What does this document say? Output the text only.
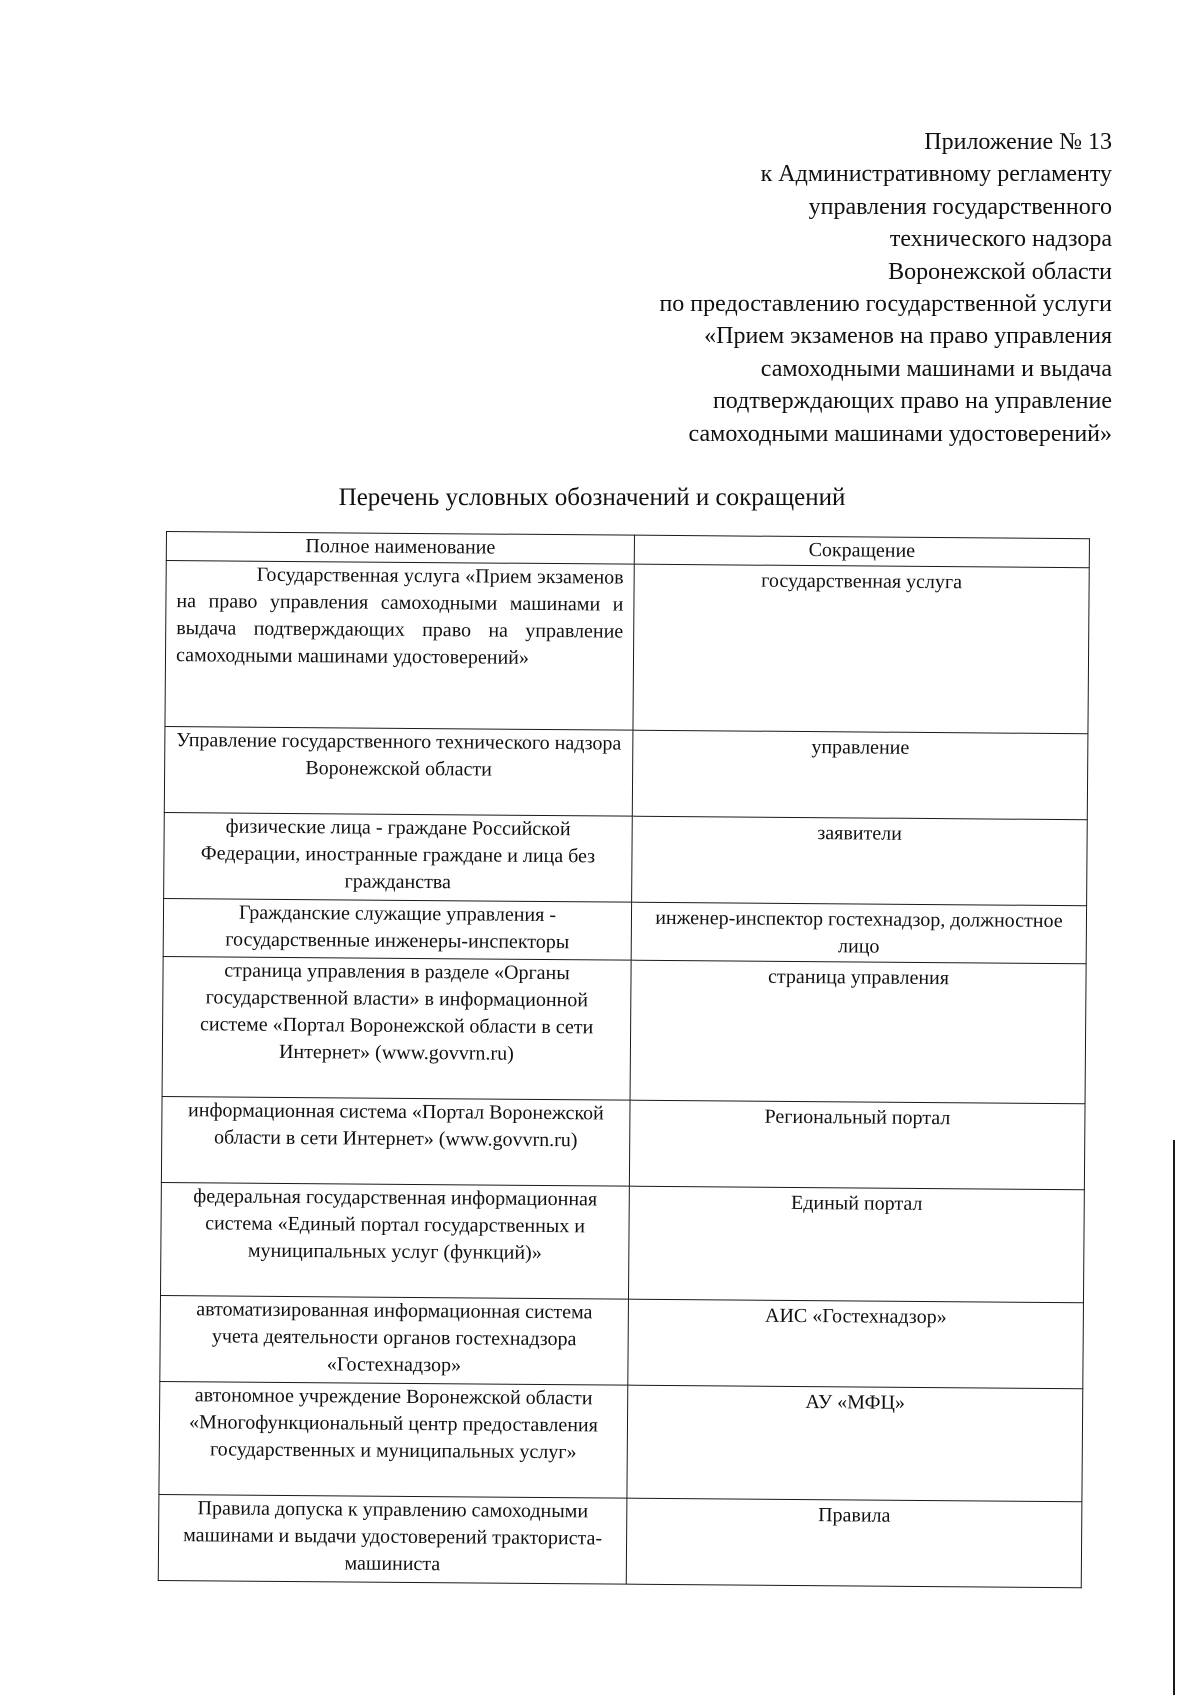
Приложение № 13
к Административному регламенту
управления государственного
технического надзора
Воронежской области
по предоставлению государственной услуги
«Прием экзаменов на право управления
самоходными машинами и выдача
подтверждающих право на управление
самоходными машинами удостоверений»
Перечень условных обозначений и сокращений
Полное наименование	Сокращение

Государственная услуга «Прием экзаменов на право управления самоходными машинами и выдача подтверждающих право на управление самоходными машинами удостоверений»	государственная услуга
Управление государственного технического надзора Воронежской области	управление
физические лица - граждане Российской Федерации, иностранные граждане и лица без гражданства	заявители
Гражданские служащие управления - государственные инженеры-инспекторы	инженер-инспектор гостехнадзор, должностное лицо
страница управления в разделе «Органы государственной власти» в информационной системе «Портал Воронежской области в сети Интернет» (www.govvrn.ru)	страница управления
информационная система «Портал Воронежской области в сети Интернет» (www.govvrn.ru)	Региональный портал
федеральная государственная информационная система «Единый портал государственных и муниципальных услуг (функций)»	Единый портал
автоматизированная информационная система учета деятельности органов гостехнадзора «Гостехнадзор»	АИС «Гостехнадзор»
автономное учреждение Воронежской области «Многофункциональный центр предоставления государственных и муниципальных услуг»	АУ «МФЦ»
Правила допуска к управлению самоходными машинами и выдачи удостоверений тракториста-машиниста	Правила
